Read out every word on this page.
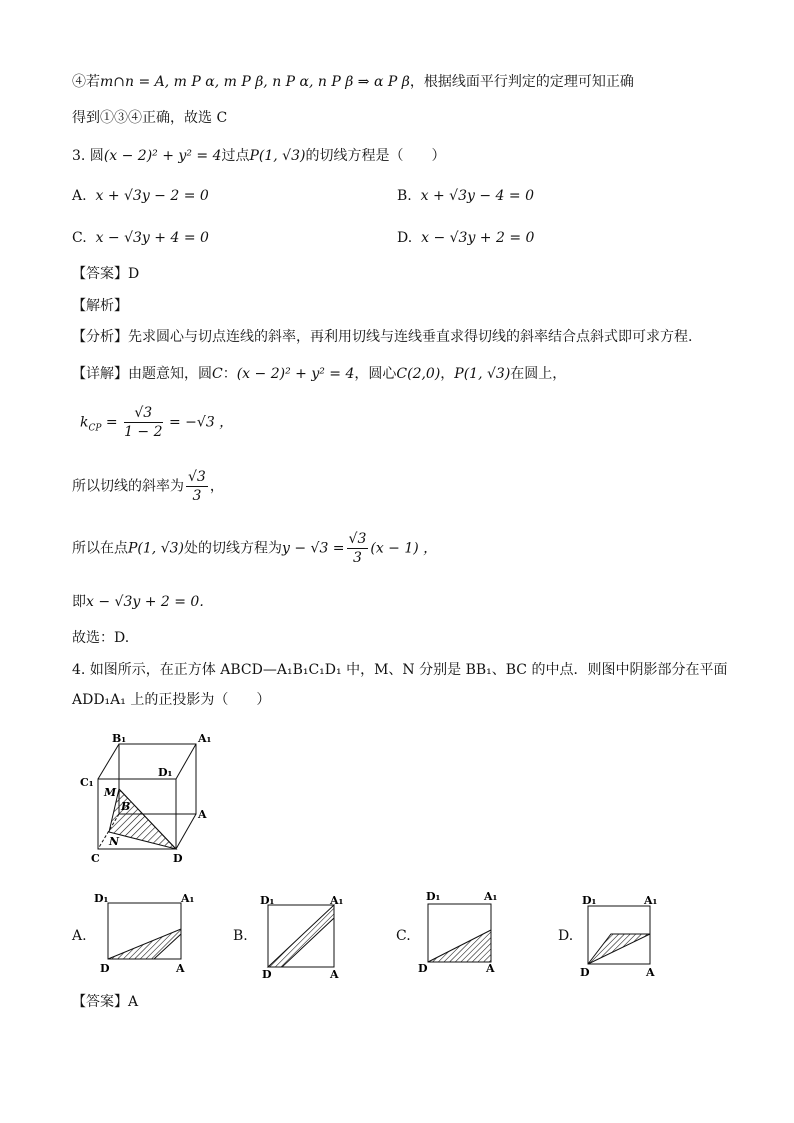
④若m∩n = A, m P α, m P β, n P α, n P β ⇒ α P β，根据线面平行判定的定理可知正确
得到①③④正确，故选 C
3. 圆(x − 2)² + y² = 4过点P(1, √3)的切线方程是（　　）
A. x + √3y − 2 = 0	B. x + √3y − 4 = 0
C. x − √3y + 4 = 0	D. x − √3y + 2 = 0
【答案】D
【解析】
【分析】先求圆心与切点连线的斜率，再利用切线与连线垂直求得切线的斜率结合点斜式即可求方程.
【详解】由题意知，圆C：(x − 2)² + y² = 4，圆心C(2,0)，P(1, √3)在圆上，
$k_{CP} = \frac{√3}{1 - 2} = -√3$ ，
所以切线的斜率为 $\frac{√3}{3}$ ，
所以在点P(1, √3)处的切线方程为$y - √3 = \frac{√3}{3} (x - 1)$ ，
即x − √3y + 2 = 0.
故选：D.
4. 如图所示，在正方体 ABCD—A₁B₁C₁D₁ 中，M、N 分别是 BB₁、BC 的中点．则图中阴影部分在平面
ADD₁A₁ 上的正投影为（　　）
B₁	A₁
D₁
C₁
M
B
A
N
C	D
A.
D₁	A₁
D	A
B.
D₁	A₁
D	A
C.
D₁	A₁
D	A
D.
D₁	A₁
D	A
【答案】A
